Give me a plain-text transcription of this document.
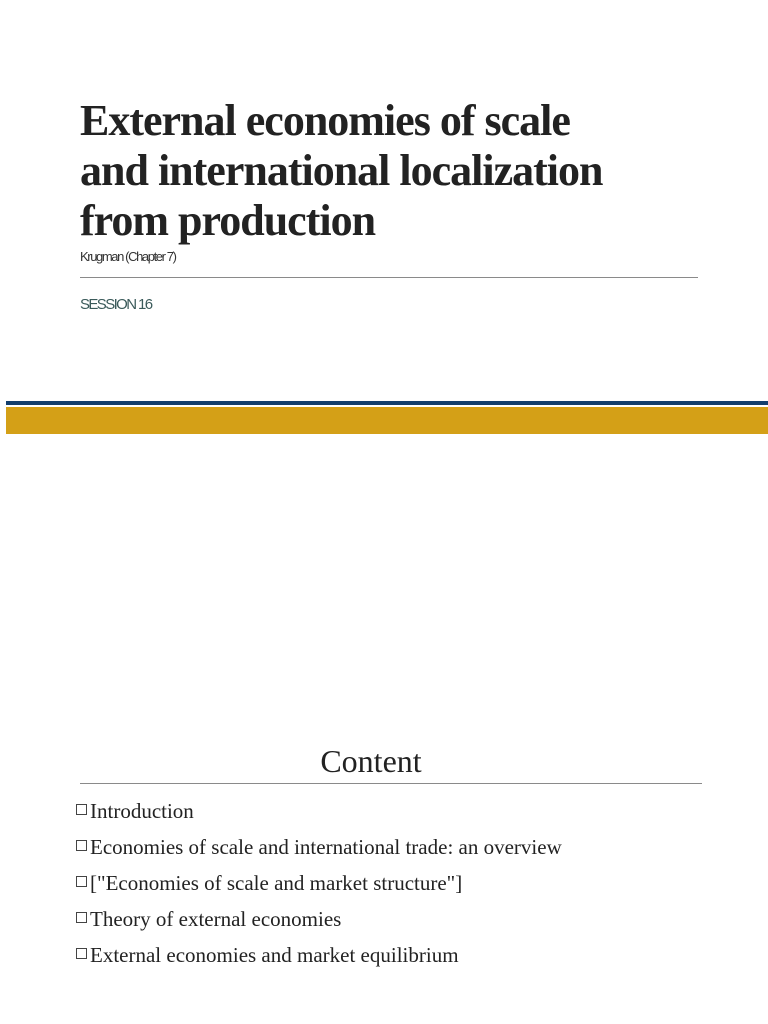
External economies of scale
and international localization
from production
Krugman (Chapter 7)
SESSION 16
Content
Introduction
Economies of scale and international trade: an overview
["Economies of scale and market structure"]
Theory of external economies
External economies and market equilibrium
